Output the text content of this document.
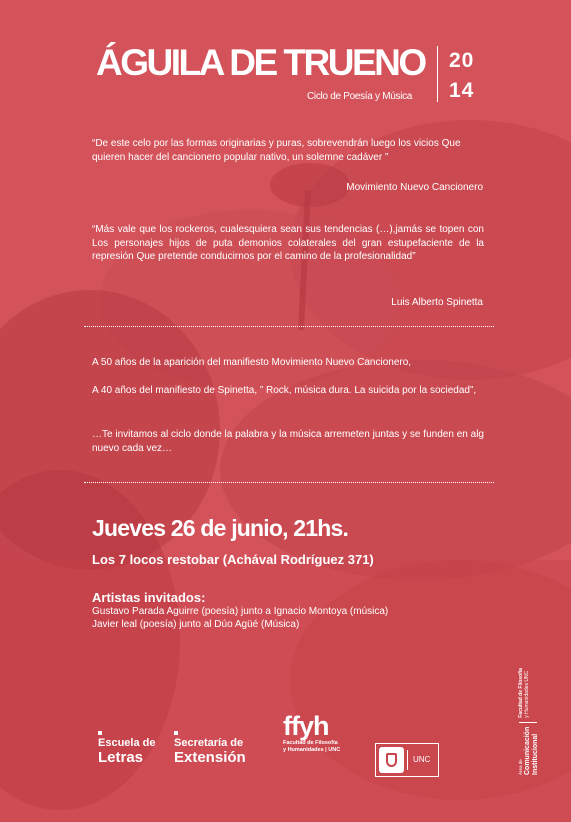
ÁGUILA DE TRUENO
Ciclo de Poesía y Música
20
14
“De este celo por las formas originarias y puras, sobrevendrán luego los vicios Que quieren hacer del cancionero popular nativo, un solemne cadáver ”
Movimiento Nuevo Cancionero
“Más vale que los rockeros, cualesquiera sean sus tendencias (…),jamás se topen con Los personajes hijos de puta demonios colaterales del gran estupefaciente de la represión Que pretende conducirnos por el camino de la profesionalidad”
Luis Alberto Spinetta
A 50 años de la aparición del manifiesto Movimiento Nuevo Cancionero,
A 40 años del manifiesto de Spinetta, ” Rock, música dura. La suicida por la sociedad”,
…Te invitamos al ciclo donde la palabra y la música arremeten juntas y se funden en alg nuevo cada vez…
Jueves 26 de junio, 21hs.
Los 7 locos restobar (Achával Rodríguez 371)
Artistas invitados:
Gustavo Parada Aguirre (poesía) junto a Ignacio Montoya (música)
Javier leal (poesía) junto al Dúo Agüé (Música)
Escuela de
Letras
Secretaría de
Extensión
ffyh
Facultad de Filosofía
y Humanidades | UNC
UNC	Área de Comunicación Institucional
Facultad de Filosofía y Humanidades UNC
